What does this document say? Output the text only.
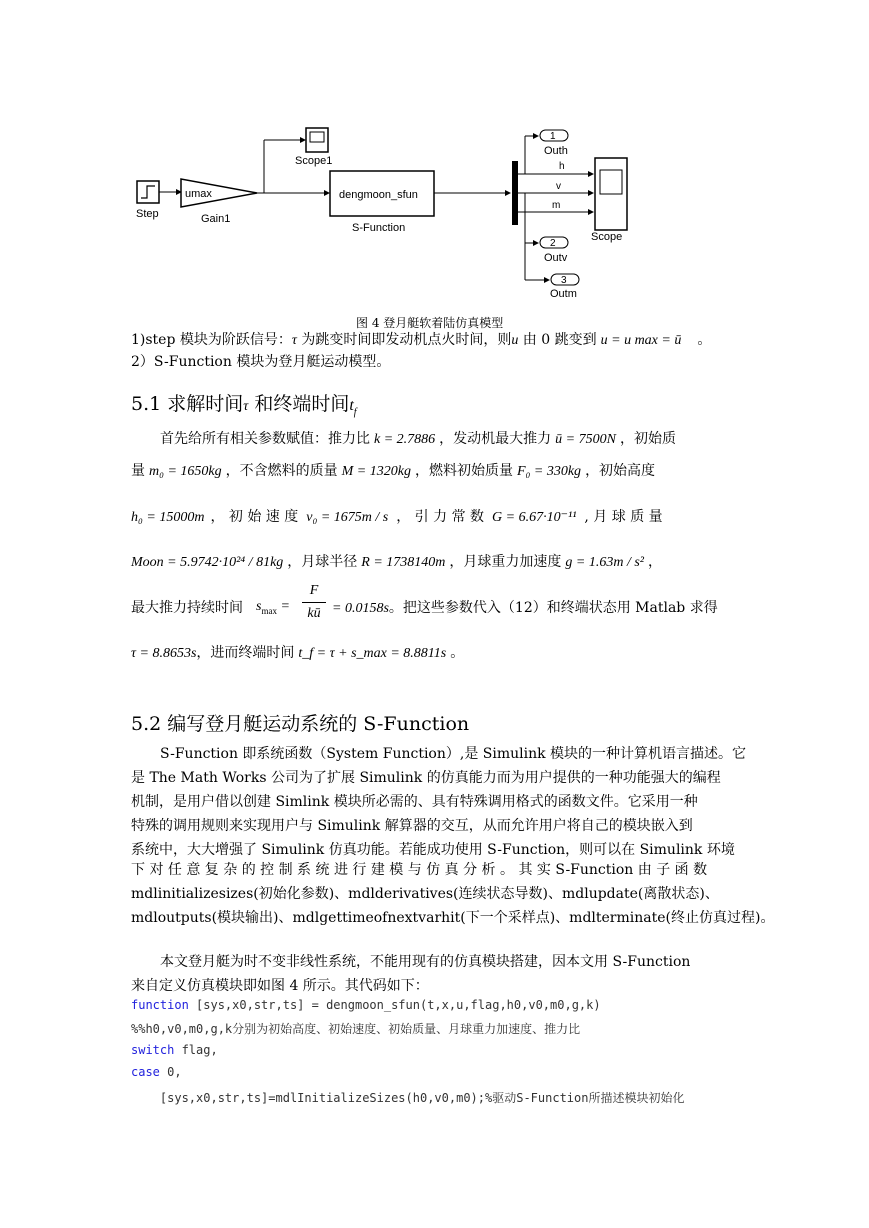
Step
umax
Gain1
Scope1
dengmoon_sfun
S-Function
h
v
m
1
Outh
2
Outv
3
Outm
Scope
图 4 登月艇软着陆仿真模型
1)step 模块为阶跃信号：τ 为跳变时间即发动机点火时间，则u 由 0 跳变到 u = u max = ū 。
2）S-Function 模块为登月艇运动模型。
5.1 求解时间τ 和终端时间$t_f$
首先给所有相关参数赋值：推力比 k = 2.7886 ，发动机最大推力 ū = 7500N ，初始质
量 m₀ = 1650kg ，不含燃料的质量 M = 1320kg ，燃料初始质量 F₀ = 330kg ，初始高度
h₀ = 15000m ， 初 始 速 度 v₀ = 1675m / s ， 引 力 常 数 G = 6.67·10⁻¹¹ , 月 球 质 量
Moon = 5.9742·10²⁴ / 81kg ，月球半径 R = 1738140m ，月球重力加速度 g = 1.63m / s² ，
最大推力持续时间 $s_{max}$ =
F
kū = 0.0158s。把这些参数代入（12）和终端状态用 Matlab 求得
τ = 8.8653s，进而终端时间 t_f = τ + s_max = 8.8811s 。
5.2 编写登月艇运动系统的 S-Function
S-Function 即系统函数（System Function）,是 Simulink 模块的一种计算机语言描述。它
是 The Math Works 公司为了扩展 Simulink 的仿真能力而为用户提供的一种功能强大的编程
机制，是用户借以创建 Simlink 模块所必需的、具有特殊调用格式的函数文件。它采用一种
特殊的调用规则来实现用户与 Simulink 解算器的交互，从而允许用户将自己的模块嵌入到
系统中，大大增强了 Simulink 仿真功能。若能成功使用 S-Function，则可以在 Simulink 环境
下 对 任 意 复 杂 的 控 制 系 统 进 行 建 模 与 仿 真 分 析 。 其 实 S-Function 由 子 函 数
mdlinitializesizes(初始化参数)、mdlderivatives(连续状态导数)、mdlupdate(离散状态)、
mdloutputs(模块输出)、mdlgettimeofnextvarhit(下一个采样点)、mdlterminate(终止仿真过程)。
本文登月艇为时不变非线性系统，不能用现有的仿真模块搭建，因本文用 S-Function
来自定义仿真模块即如图 4 所示。其代码如下：
function [sys,x0,str,ts] = dengmoon_sfun(t,x,u,flag,h0,v0,m0,g,k)
%%h0,v0,m0,g,k分别为初始高度、初始速度、初始质量、月球重力加速度、推力比
switch flag,
case 0,
[sys,x0,str,ts]=mdlInitializeSizes(h0,v0,m0);%驱动S-Function所描述模块初始化
